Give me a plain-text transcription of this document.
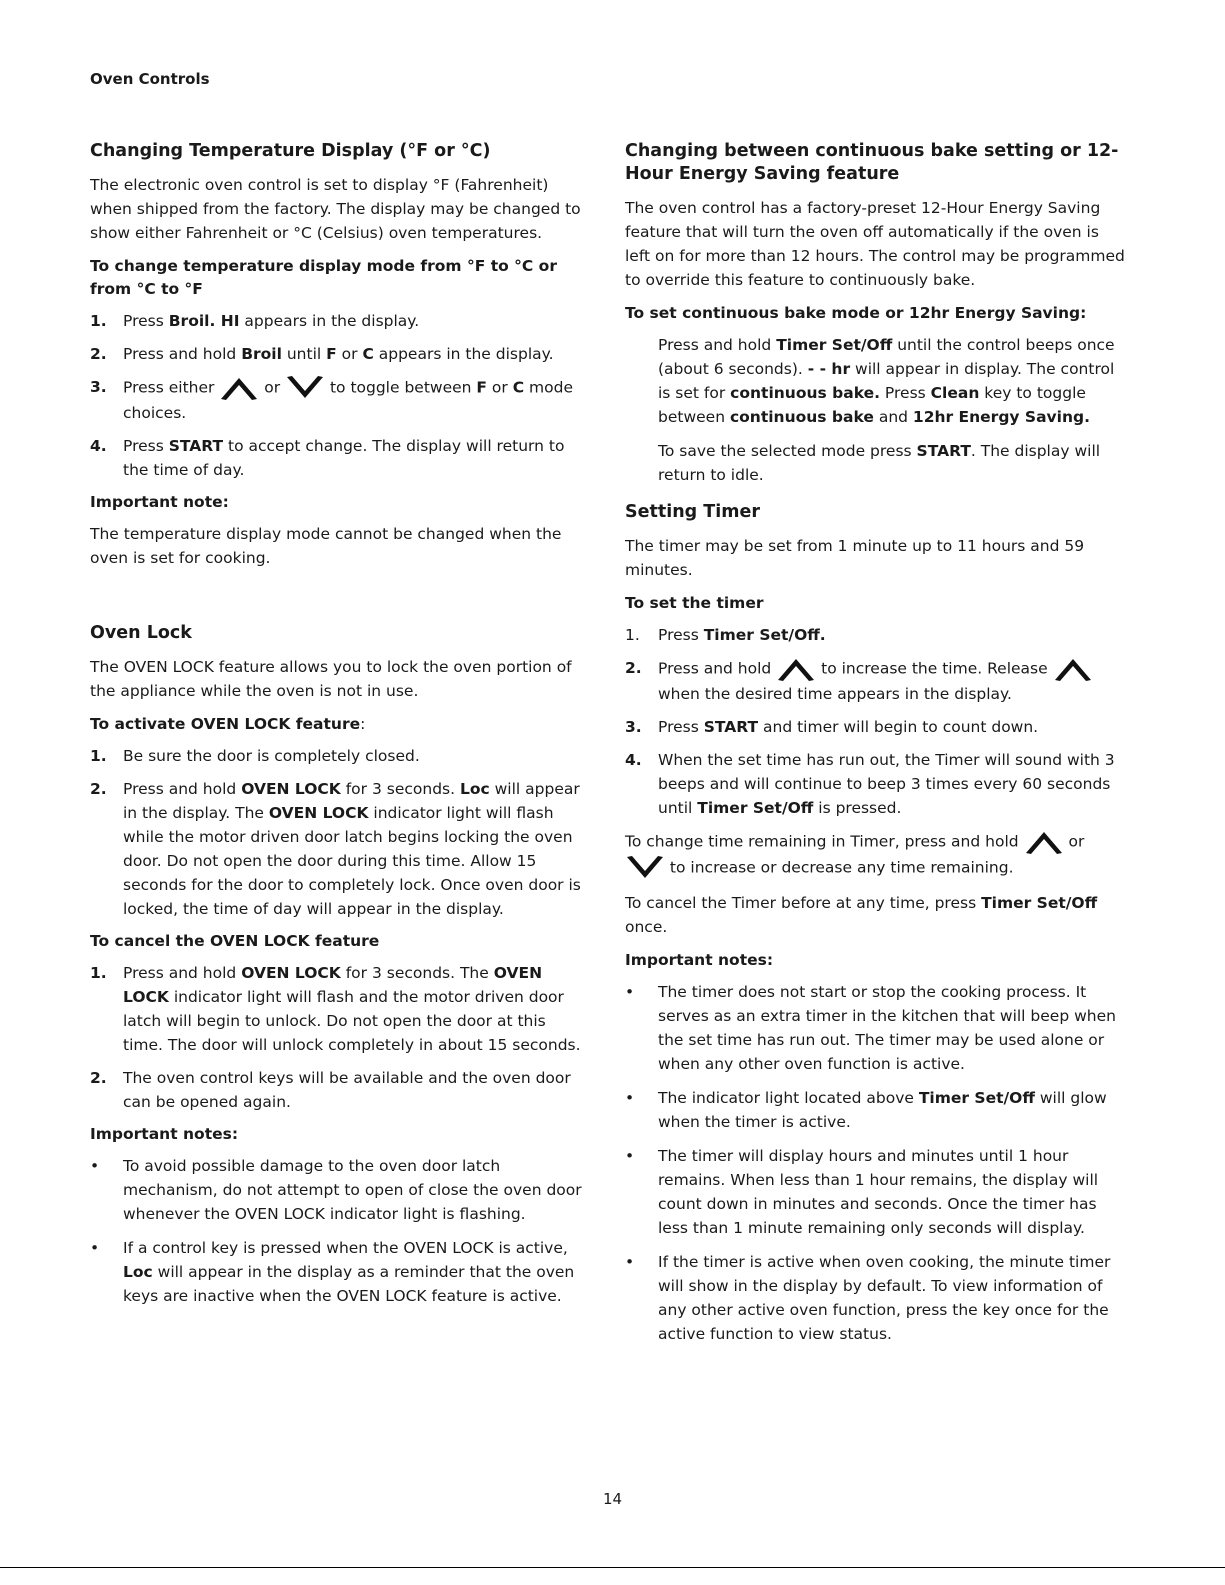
Oven Controls
Changing Temperature Display (°F or °C)

The electronic oven control is set to display °F (Fahrenheit) when shipped from the factory. The display may be changed to show either Fahrenheit or °C (Celsius) oven temperatures.

To change temperature display mode from °F to °C or from °C to °F
1. Press Broil. HI appears in the display.
2. Press and hold Broil until F or C appears in the display.
3. Press either	or	to toggle between F or C mode choices.
4. Press START to accept change. The display will return to the time of day.
Important note:

The temperature display mode cannot be changed when the oven is set for cooking.

Oven Lock

The OVEN LOCK feature allows you to lock the oven portion of the appliance while the oven is not in use.

To activate OVEN LOCK feature:
1. Be sure the door is completely closed.
2. Press and hold OVEN LOCK for 3 seconds. Loc will appear in the display. The OVEN LOCK indicator light will flash while the motor driven door latch begins locking the oven door. Do not open the door during this time. Allow 15 seconds for the door to completely lock. Once oven door is locked, the time of day will appear in the display.
To cancel the OVEN LOCK feature
1. Press and hold OVEN LOCK for 3 seconds. The OVEN LOCK indicator light will flash and the motor driven door latch will begin to unlock. Do not open the door at this time. The door will unlock completely in about 15 seconds.
2. The oven control keys will be available and the oven door can be opened again.
Important notes:
• To avoid possible damage to the oven door latch mechanism, do not attempt to open of close the oven door whenever the OVEN LOCK indicator light is flashing.
• If a control key is pressed when the OVEN LOCK is active, Loc will appear in the display as a reminder that the oven keys are inactive when the OVEN LOCK feature is active.
Changing between continuous bake setting or 12-Hour Energy Saving feature

The oven control has a factory-preset 12-Hour Energy Saving feature that will turn the oven off automatically if the oven is left on for more than 12 hours. The control may be programmed to override this feature to continuously bake.

To set continuous bake mode or 12hr Energy Saving:

Press and hold Timer Set/Off until the control beeps once (about 6 seconds). - - hr will appear in display. The control is set for continuous bake. Press Clean key to toggle between continuous bake and 12hr Energy Saving.

To save the selected mode press START. The display will return to idle.

Setting Timer

The timer may be set from 1 minute up to 11 hours and 59 minutes.

To set the timer
1. Press Timer Set/Off.
2. Press and hold	to increase the time. Release
when the desired time appears in the display.
3. Press START and timer will begin to count down.
4. When the set time has run out, the Timer will sound with 3 beeps and will continue to beep 3 times every 60 seconds until Timer Set/Off is pressed.

To change time remaining in Timer, press and hold	or
to increase or decrease any time remaining.

To cancel the Timer before at any time, press Timer Set/Off once.

Important notes:
• The timer does not start or stop the cooking process. It serves as an extra timer in the kitchen that will beep when the set time has run out. The timer may be used alone or when any other oven function is active.
• The indicator light located above Timer Set/Off will glow when the timer is active.
• The timer will display hours and minutes until 1 hour remains. When less than 1 hour remains, the display will count down in minutes and seconds. Once the timer has less than 1 minute remaining only seconds will display.
• If the timer is active when oven cooking, the minute timer will show in the display by default. To view information of any other active oven function, press the key once for the active function to view status.
14
